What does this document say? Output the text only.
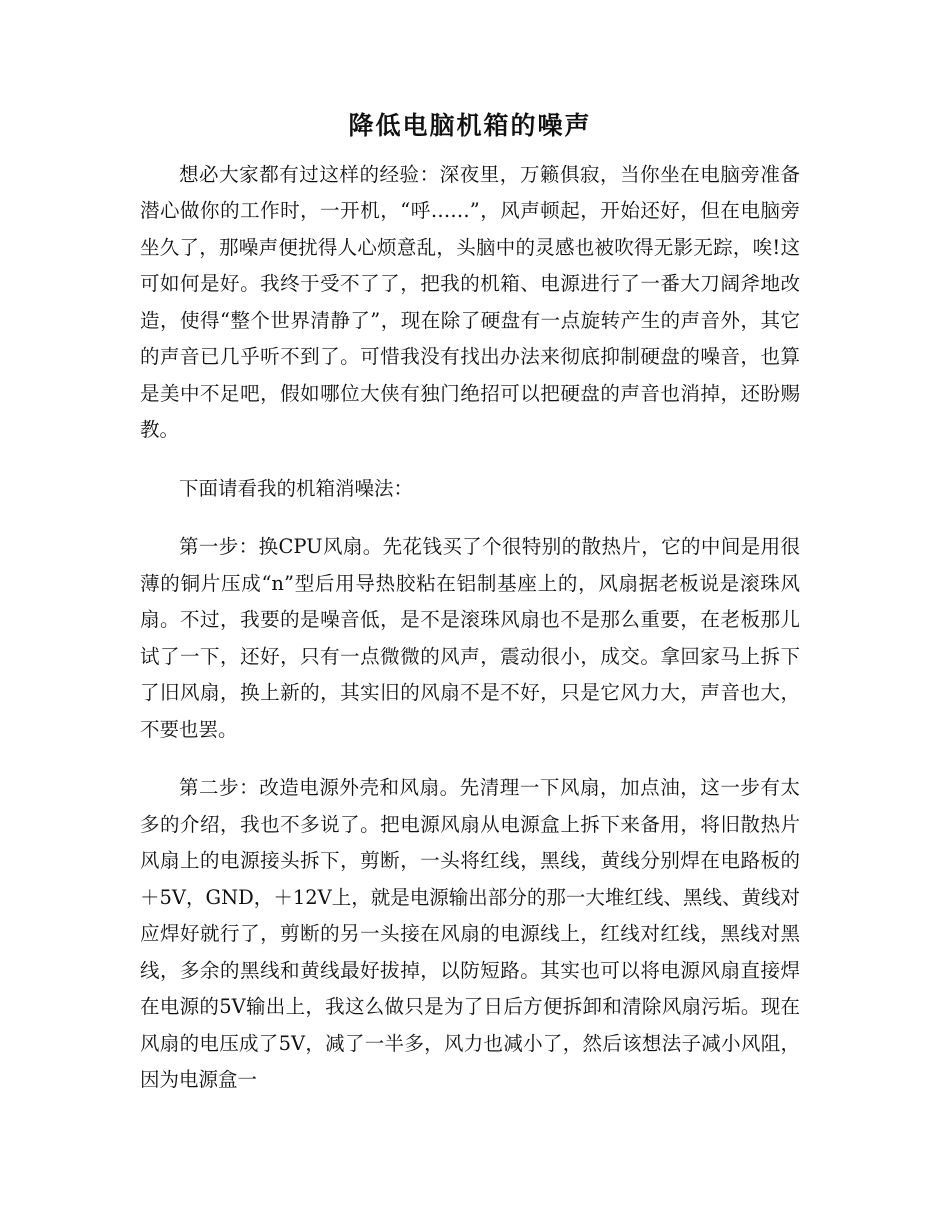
降低电脑机箱的噪声

想必大家都有过这样的经验：深夜里，万籁俱寂，当你坐在电脑旁准备潜心做你的工作时，一开机，“呼……”，风声顿起，开始还好，但在电脑旁坐久了，那噪声便扰得人心烦意乱，头脑中的灵感也被吹得无影无踪，唉!这可如何是好。我终于受不了了，把我的机箱、电源进行了一番大刀阔斧地改造，使得“整个世界清静了”，现在除了硬盘有一点旋转产生的声音外，其它的声音已几乎听不到了。可惜我没有找出办法来彻底抑制硬盘的噪音，也算是美中不足吧，假如哪位大侠有独门绝招可以把硬盘的声音也消掉，还盼赐教。

下面请看我的机箱消噪法：

第一步：换CPU风扇。先花钱买了个很特别的散热片，它的中间是用很薄的铜片压成“n”型后用导热胶粘在铝制基座上的，风扇据老板说是滚珠风扇。不过，我要的是噪音低，是不是滚珠风扇也不是那么重要，在老板那儿试了一下，还好，只有一点微微的风声，震动很小，成交。拿回家马上拆下了旧风扇，换上新的，其实旧的风扇不是不好，只是它风力大，声音也大，不要也罢。

第二步：改造电源外壳和风扇。先清理一下风扇，加点油，这一步有太多的介绍，我也不多说了。把电源风扇从电源盒上拆下来备用，将旧散热片风扇上的电源接头拆下，剪断，一头将红线，黑线，黄线分别焊在电路板的＋5V，GND，＋12V上，就是电源输出部分的那一大堆红线、黑线、黄线对应焊好就行了，剪断的另一头接在风扇的电源线上，红线对红线，黑线对黑线，多余的黑线和黄线最好拔掉，以防短路。其实也可以将电源风扇直接焊在电源的5V输出上，我这么做只是为了日后方便拆卸和清除风扇污垢。现在风扇的电压成了5V，减了一半多，风力也减小了，然后该想法子减小风阻，因为电源盒一
